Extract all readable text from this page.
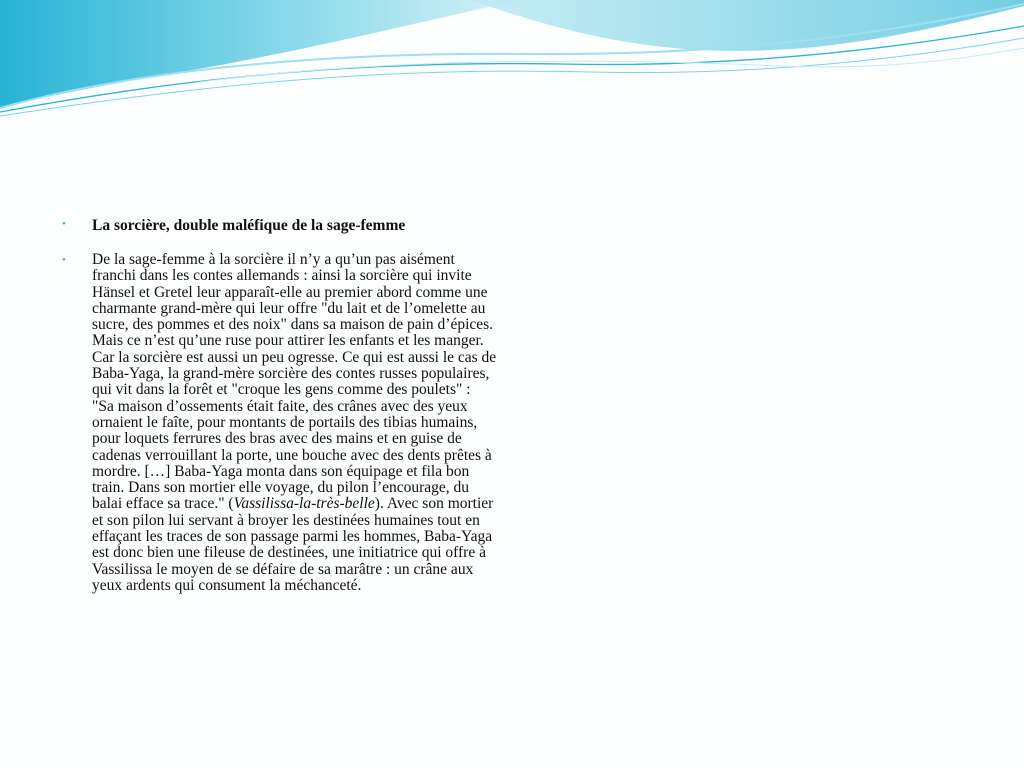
• La sorcière, double maléfique de la sage-femme
• De la sage-femme à la sorcière il n’y a qu’un pas aisément franchi dans les contes allemands : ainsi la sorcière qui invite Hänsel et Gretel leur apparaît-elle au premier abord comme une charmante grand-mère qui leur offre "du lait et de l’omelette au sucre, des pommes et des noix" dans sa maison de pain d’épices. Mais ce n’est qu’une ruse pour attirer les enfants et les manger. Car la sorcière est aussi un peu ogresse. Ce qui est aussi le cas de Baba-Yaga, la grand-mère sorcière des contes russes populaires, qui vit dans la forêt et "croque les gens comme des poulets" :
"Sa maison d’ossements était faite, des crânes avec des yeux ornaient le faîte, pour montants de portails des tibias humains, pour loquets ferrures des bras avec des mains et en guise de cadenas verrouillant la porte, une bouche avec des dents prêtes à mordre. […] Baba-Yaga monta dans son équipage et fila bon train. Dans son mortier elle voyage, du pilon l’encourage, du balai efface sa trace." (Vassilissa-la-très-belle). Avec son mortier et son pilon lui servant à broyer les destinées humaines tout en effaçant les traces de son passage parmi les hommes, Baba-Yaga est donc bien une fileuse de destinées, une initiatrice qui offre à Vassilissa le moyen de se défaire de sa marâtre : un crâne aux yeux ardents qui consument la méchanceté.
